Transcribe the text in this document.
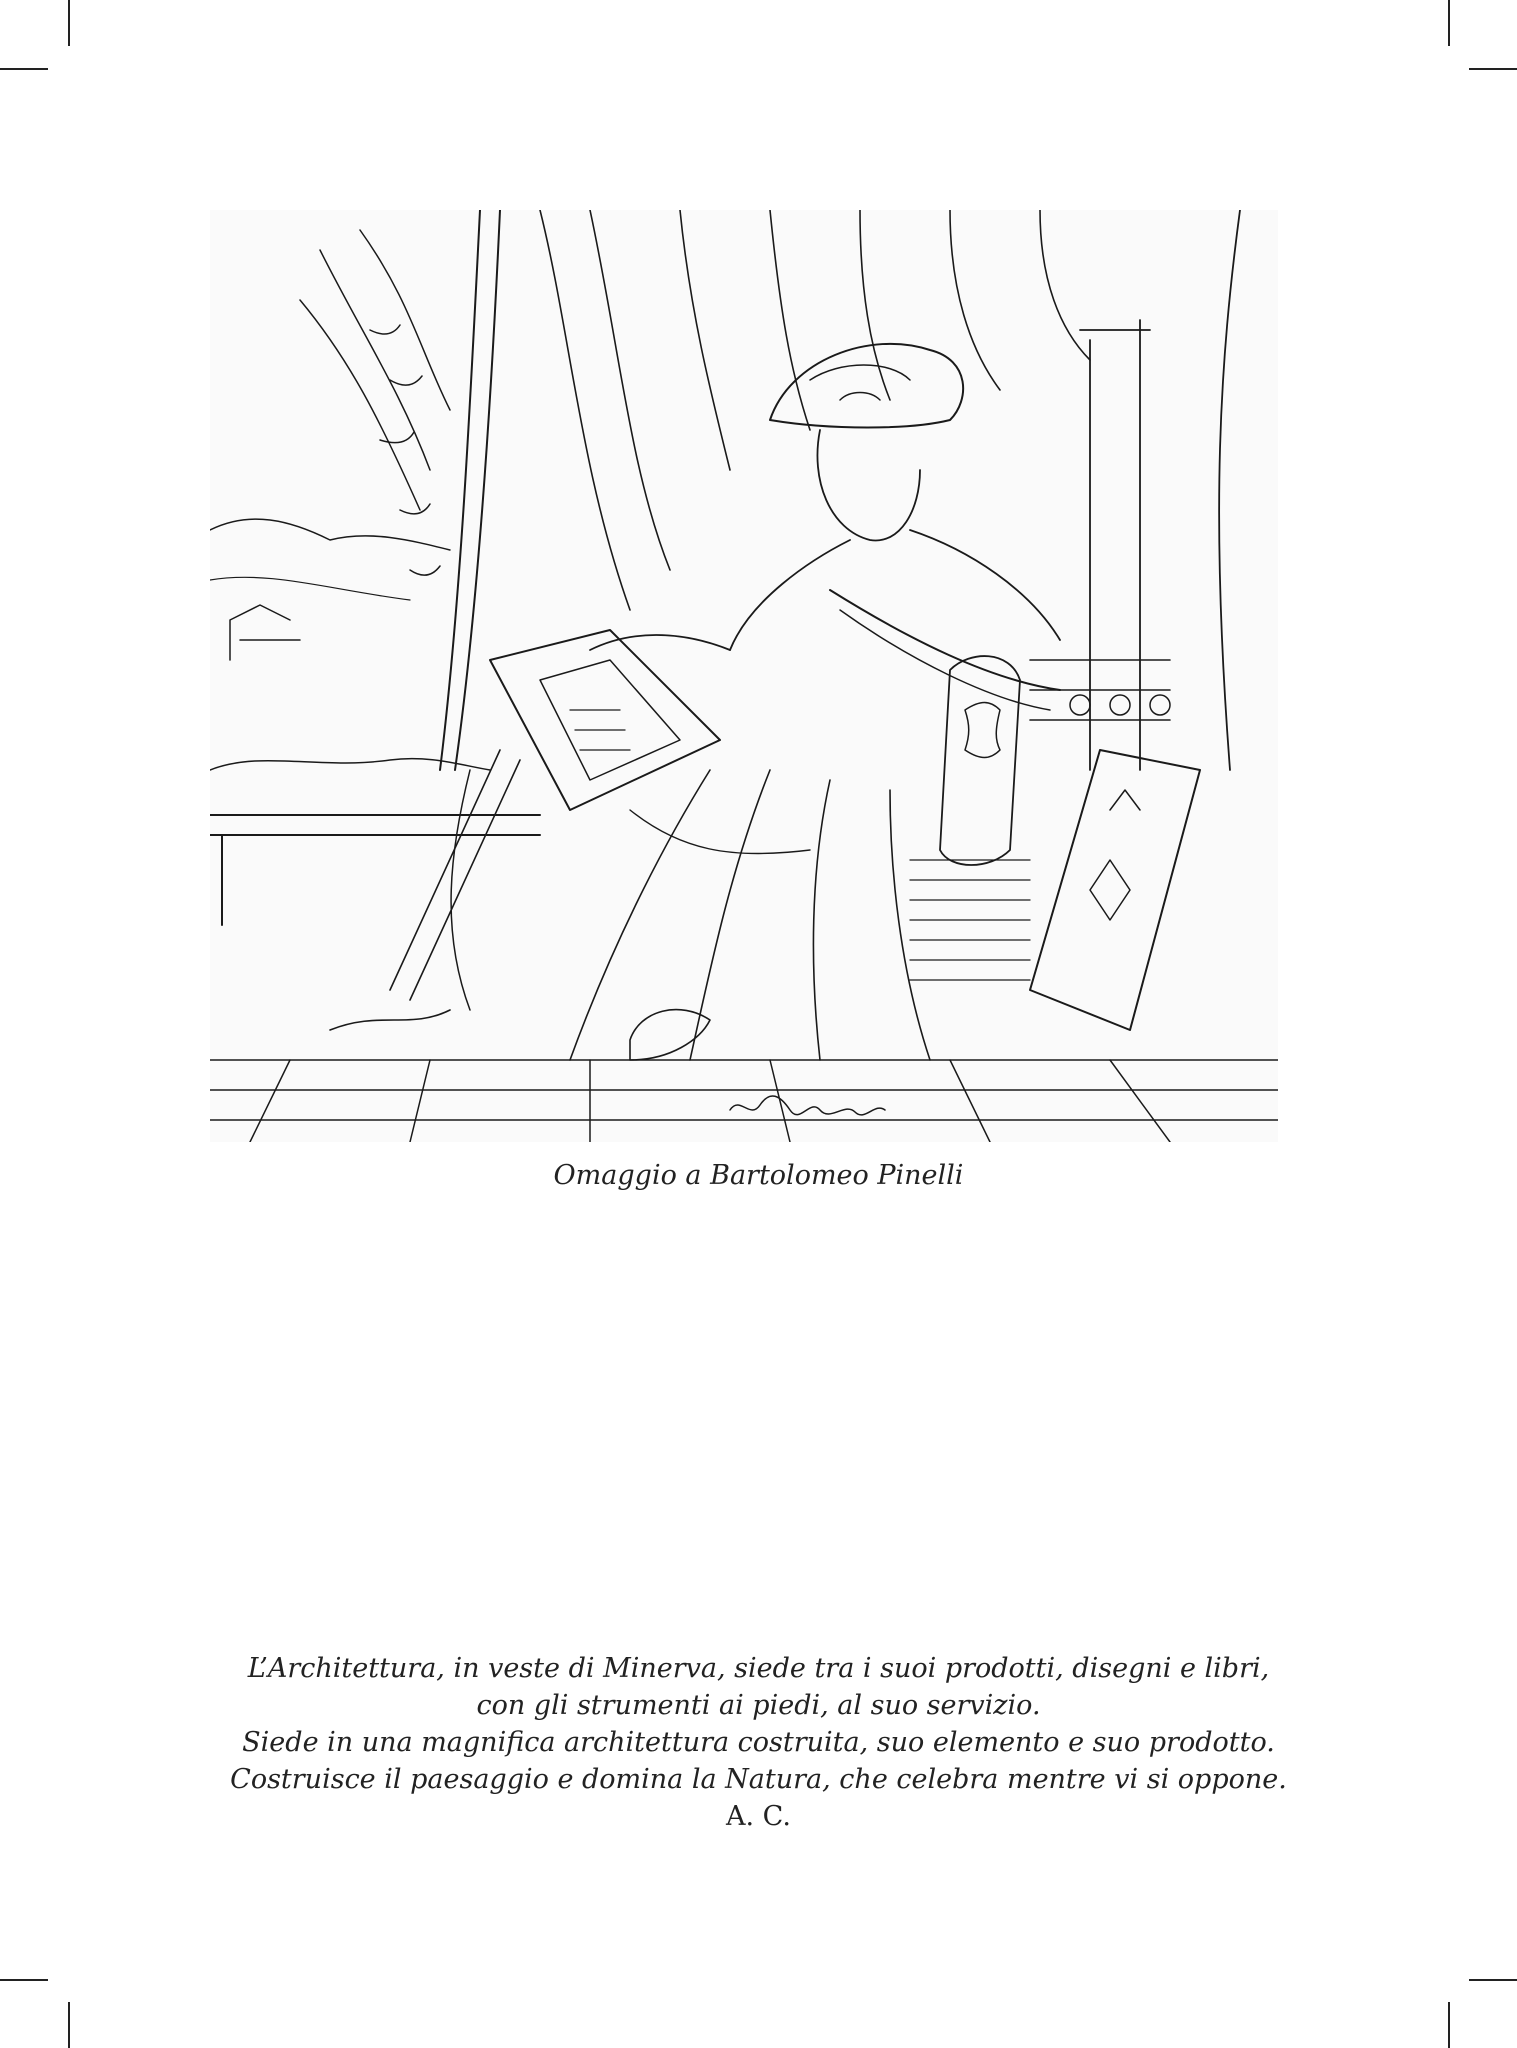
Omaggio a Bartolomeo Pinelli
L’Architettura, in veste di Minerva, siede tra i suoi prodotti, disegni e libri,
con gli strumenti ai piedi, al suo servizio.
Siede in una magnifica architettura costruita, suo elemento e suo prodotto.
Costruisce il paesaggio e domina la Natura, che celebra mentre vi si oppone.
A. C.
